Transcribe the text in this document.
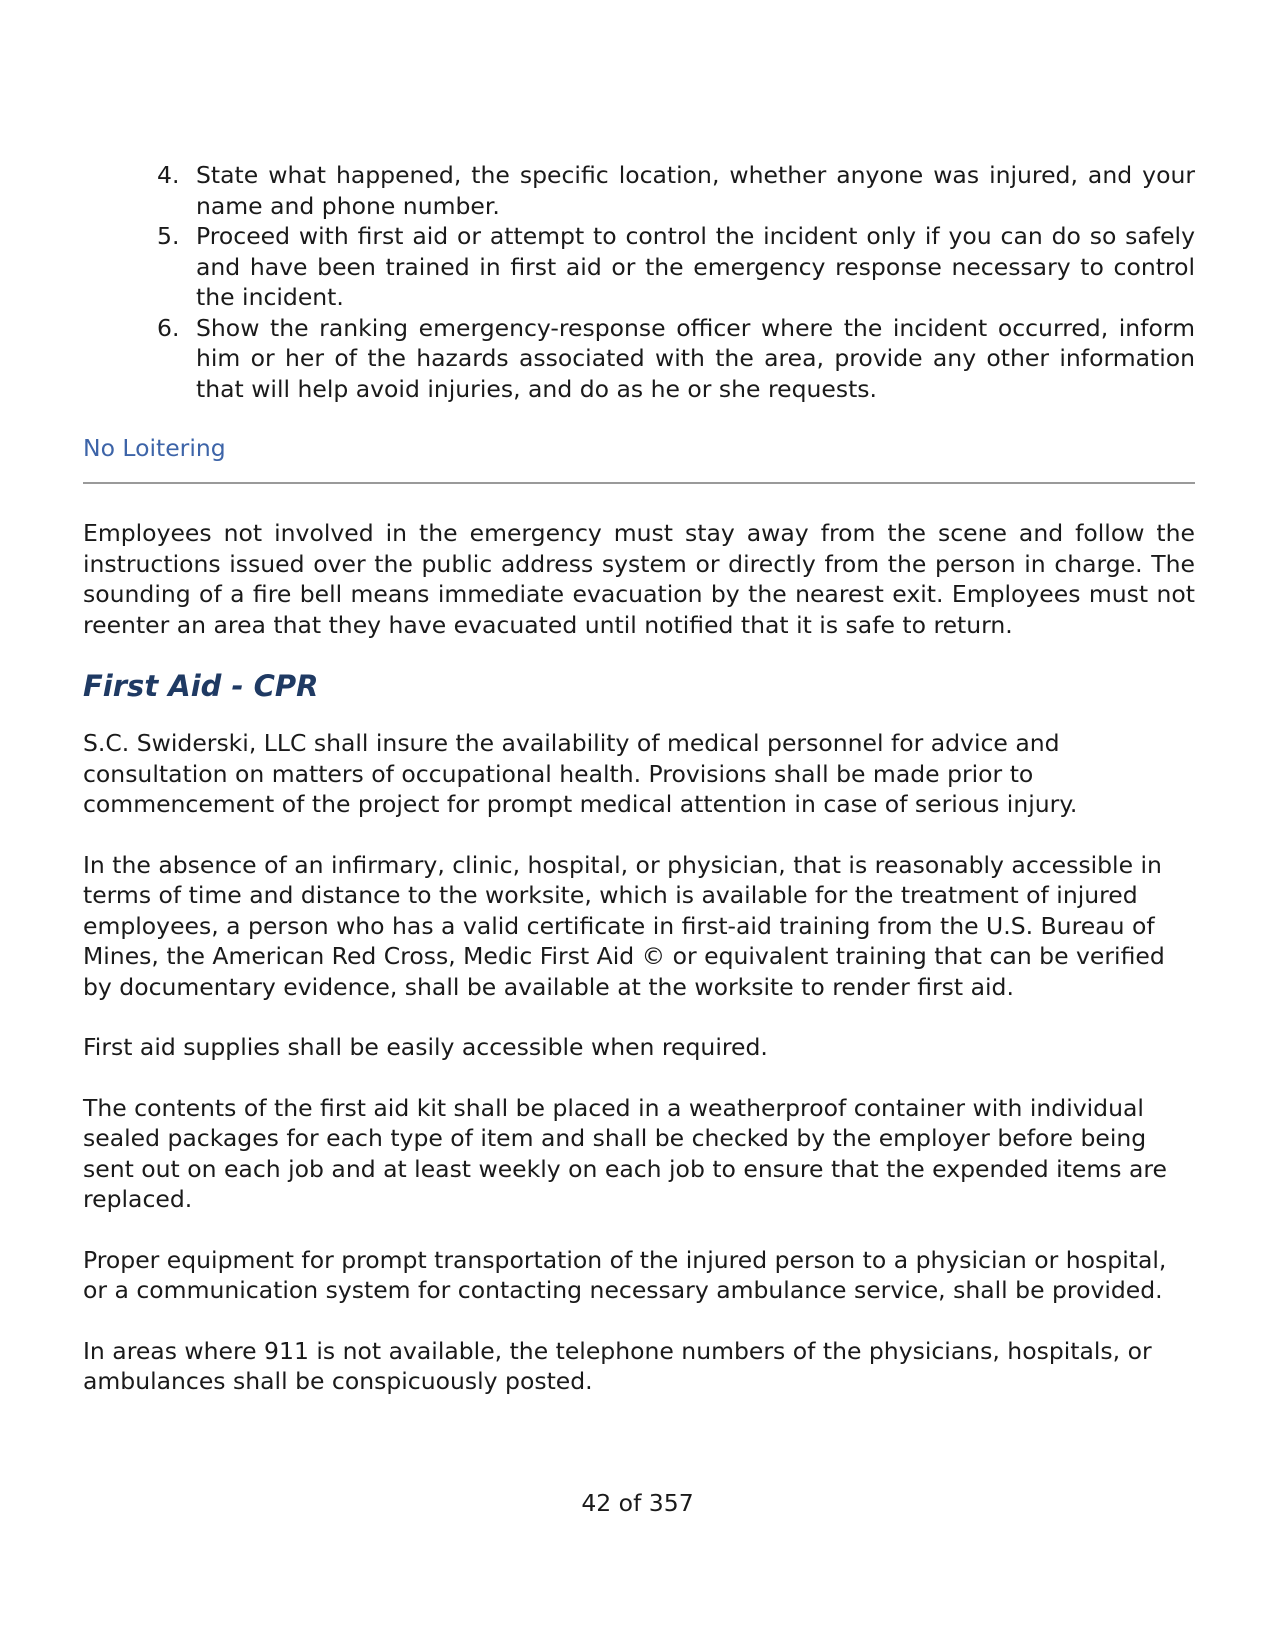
4. State what happened, the specific location, whether anyone was injured, and your name and phone number.
5. Proceed with first aid or attempt to control the incident only if you can do so safely and have been trained in first aid or the emergency response necessary to control the incident.
6. Show the ranking emergency-response officer where the incident occurred, inform him or her of the hazards associated with the area, provide any other information that will help avoid injuries, and do as he or she requests.
No Loitering

Employees not involved in the emergency must stay away from the scene and follow the instructions issued over the public address system or directly from the person in charge. The sounding of a fire bell means immediate evacuation by the nearest exit. Employees must not reenter an area that they have evacuated until notified that it is safe to return.

First Aid - CPR

S.C. Swiderski, LLC shall insure the availability of medical personnel for advice and consultation on matters of occupational health. Provisions shall be made prior to commencement of the project for prompt medical attention in case of serious injury.

In the absence of an infirmary, clinic, hospital, or physician, that is reasonably accessible in terms of time and distance to the worksite, which is available for the treatment of injured employees, a person who has a valid certificate in first-aid training from the U.S. Bureau of Mines, the American Red Cross, Medic First Aid © or equivalent training that can be verified by documentary evidence, shall be available at the worksite to render first aid.

First aid supplies shall be easily accessible when required.

The contents of the first aid kit shall be placed in a weatherproof container with individual sealed packages for each type of item and shall be checked by the employer before being sent out on each job and at least weekly on each job to ensure that the expended items are replaced.

Proper equipment for prompt transportation of the injured person to a physician or hospital, or a communication system for contacting necessary ambulance service, shall be provided.

In areas where 911 is not available, the telephone numbers of the physicians, hospitals, or ambulances shall be conspicuously posted.

42 of 357
